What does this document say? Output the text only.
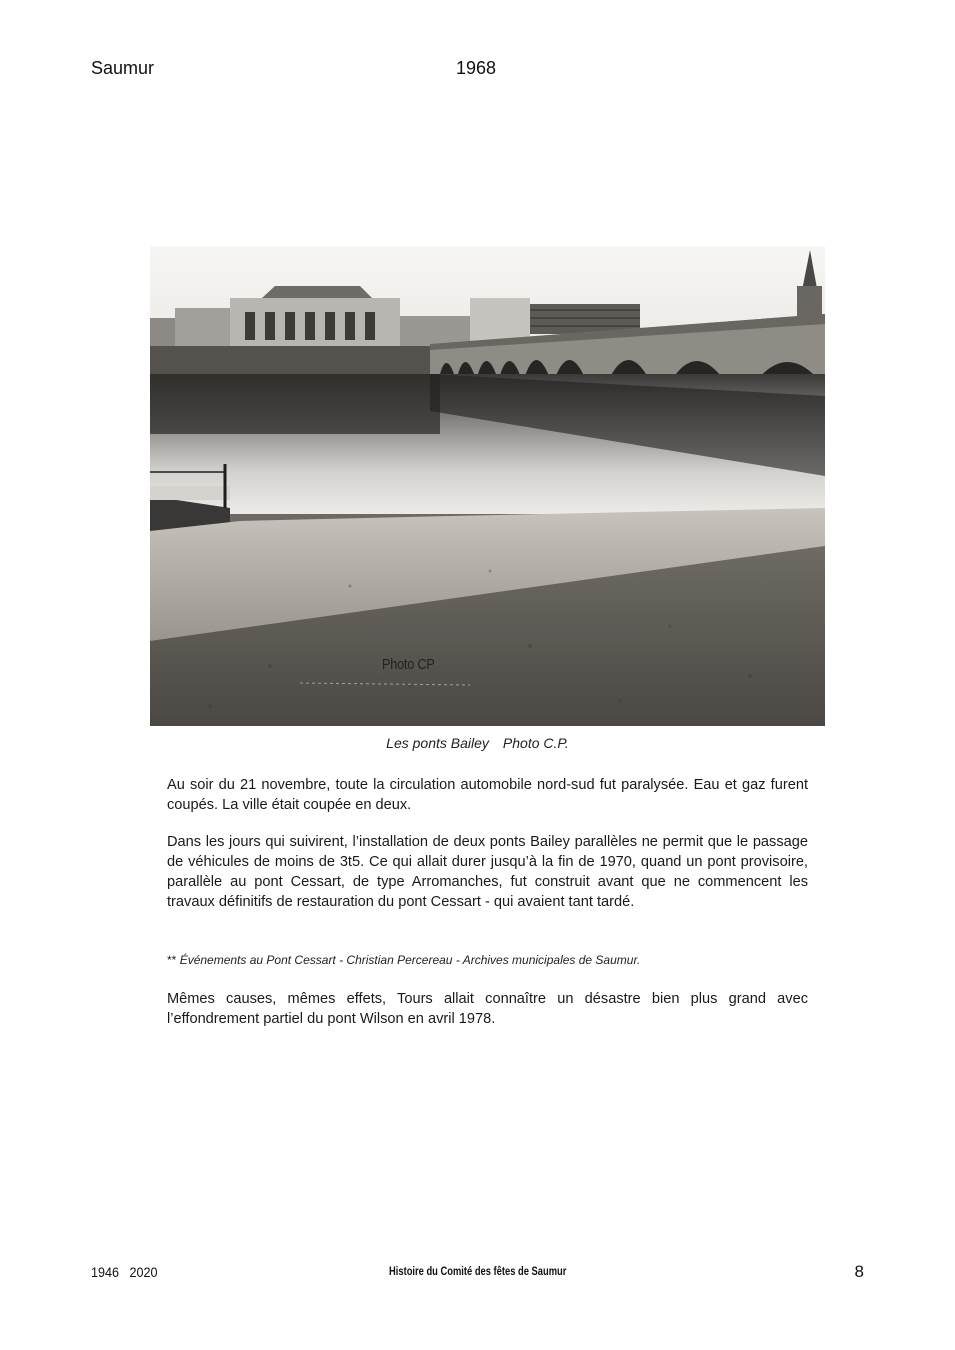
Saumur	1968
Photo CP
Les ponts Bailey Photo C.P.
Au soir du 21 novembre, toute la circulation automobile nord-sud fut paralysée. Eau et gaz furent coupés. La ville était coupée en deux.
Dans les jours qui suivirent, l’installation de deux ponts Bailey parallèles ne permit que le passage de véhicules de moins de 3t5. Ce qui allait durer jusqu’à la fin de 1970, quand un pont provisoire, parallèle au pont Cessart, de type Arromanches, fut construit avant que ne commencent les travaux définitifs de restauration du pont Cessart - qui avaient tant tardé.
** Événements au Pont Cessart - Christian Percereau - Archives municipales de Saumur.
Mêmes causes, mêmes effets, Tours allait connaître un désastre bien plus grand avec l’effondrement partiel du pont Wilson en avril 1978.
1946   2020	Histoire du Comité des fêtes de Saumur	8
